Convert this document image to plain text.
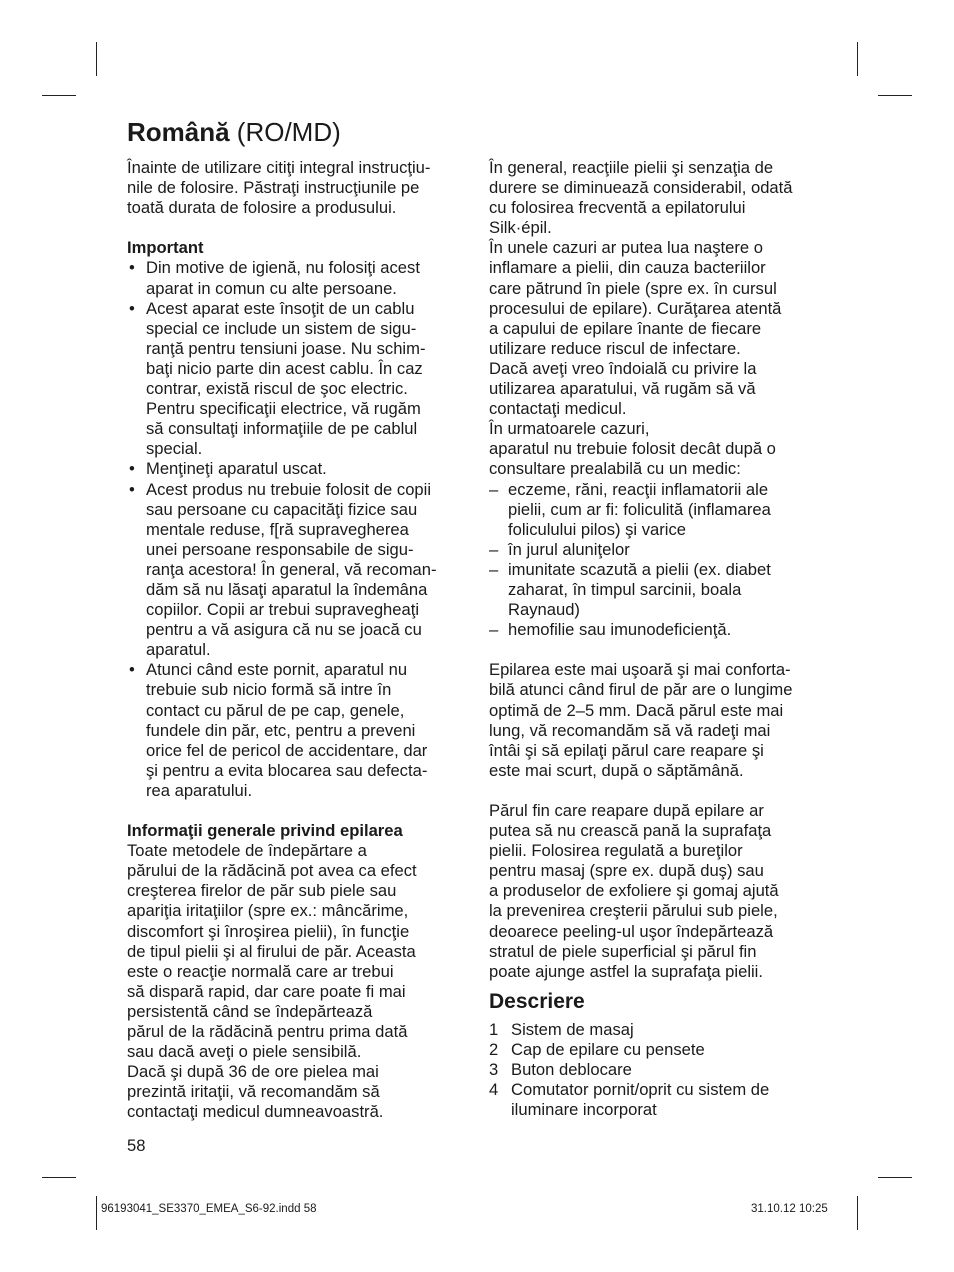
Română (RO/MD)
Înainte de utilizare citiţi integral instrucţiu-
nile de folosire. Păstraţi instrucţiunile pe
toată durata de folosire a produsului.
Important
• Din motive de igienă, nu folosiţi acest
aparat in comun cu alte persoane.
• Acest aparat este însoţit de un cablu
special ce include un sistem de sigu-
ranţă pentru tensiuni joase. Nu schim-
baţi nicio parte din acest cablu. În caz
contrar, există riscul de şoc electric.
Pentru specificaţii electrice, vă rugăm
să consultaţi informaţiile de pe cablul
special.
• Menţineţi aparatul uscat.
• Acest produs nu trebuie folosit de copii
sau persoane cu capacităţi fizice sau
mentale reduse, f[ră supravegherea
unei persoane responsabile de sigu-
ranţa acestora! În general, vă recoman-
dăm să nu lăsaţi aparatul la îndemâna
copiilor. Copii ar trebui supravegheaţi
pentru a vă asigura că nu se joacă cu
aparatul.
• Atunci când este pornit, aparatul nu
trebuie sub nicio formă să intre în
contact cu părul de pe cap, genele,
fundele din păr, etc, pentru a preveni
orice fel de pericol de accidentare, dar
şi pentru a evita blocarea sau defecta-
rea aparatului.
Informaţii generale privind epilarea
Toate metodele de îndepărtare a
părului de la rădăcină pot avea ca efect
creşterea firelor de păr sub piele sau
apariţia iritaţiilor (spre ex.: mâncărime,
discomfort şi înroşirea pielii), în funcţie
de tipul pielii şi al firului de păr. Aceasta
este o reacţie normală care ar trebui
să dispară rapid, dar care poate fi mai
persistentă când se îndepărtează
părul de la rădăcină pentru prima dată
sau dacă aveţi o piele sensibilă.
Dacă şi după 36 de ore pielea mai
prezintă iritaţii, vă recomandăm să
contactaţi medicul dumneavoastră.
În general, reacţiile pielii şi senzaţia de
durere se diminuează considerabil, odată
cu folosirea frecventă a epilatorului
Silk·épil.
În unele cazuri ar putea lua naştere o
inflamare a pielii, din cauza bacteriilor
care pătrund în piele (spre ex. în cursul
procesului de epilare). Curăţarea atentă
a capului de epilare înante de fiecare
utilizare reduce riscul de infectare.
Dacă aveţi vreo îndoială cu privire la
utilizarea aparatului, vă rugăm să vă
contactaţi medicul.
În urmatoarele cazuri,
aparatul nu trebuie folosit decât după o
consultare prealabilă cu un medic:
– eczeme, răni, reacţii inflamatorii ale
pielii, cum ar fi: foliculită (inflamarea
foliculului pilos) şi varice
– în jurul aluniţelor
– imunitate scazută a pielii (ex. diabet
zaharat, în timpul sarcinii, boala
Raynaud)
– hemofilie sau imunodeficienţă.
Epilarea este mai uşoară şi mai conforta-
bilă atunci când firul de păr are o lungime
optimă de 2–5 mm. Dacă părul este mai
lung, vă recomandăm să vă radeţi mai
întâi şi să epilaţi părul care reapare şi
este mai scurt, după o săptămână.
Părul fin care reapare după epilare ar
putea să nu crească pană la suprafaţa
pielii. Folosirea regulată a bureţilor
pentru masaj (spre ex. după duş) sau
a produselor de exfoliere şi gomaj ajută
la prevenirea creşterii părului sub piele,
deoarece peeling-ul uşor îndepărtează
stratul de piele superficial şi părul fin
poate ajunge astfel la suprafaţa pielii.
Descriere
1 Sistem de masaj
2 Cap de epilare cu pensete
3 Buton deblocare
4 Comutator pornit/oprit cu sistem de
iluminare incorporat
58
96193041_SE3370_EMEA_S6-92.indd 58	31.10.12 10:25
